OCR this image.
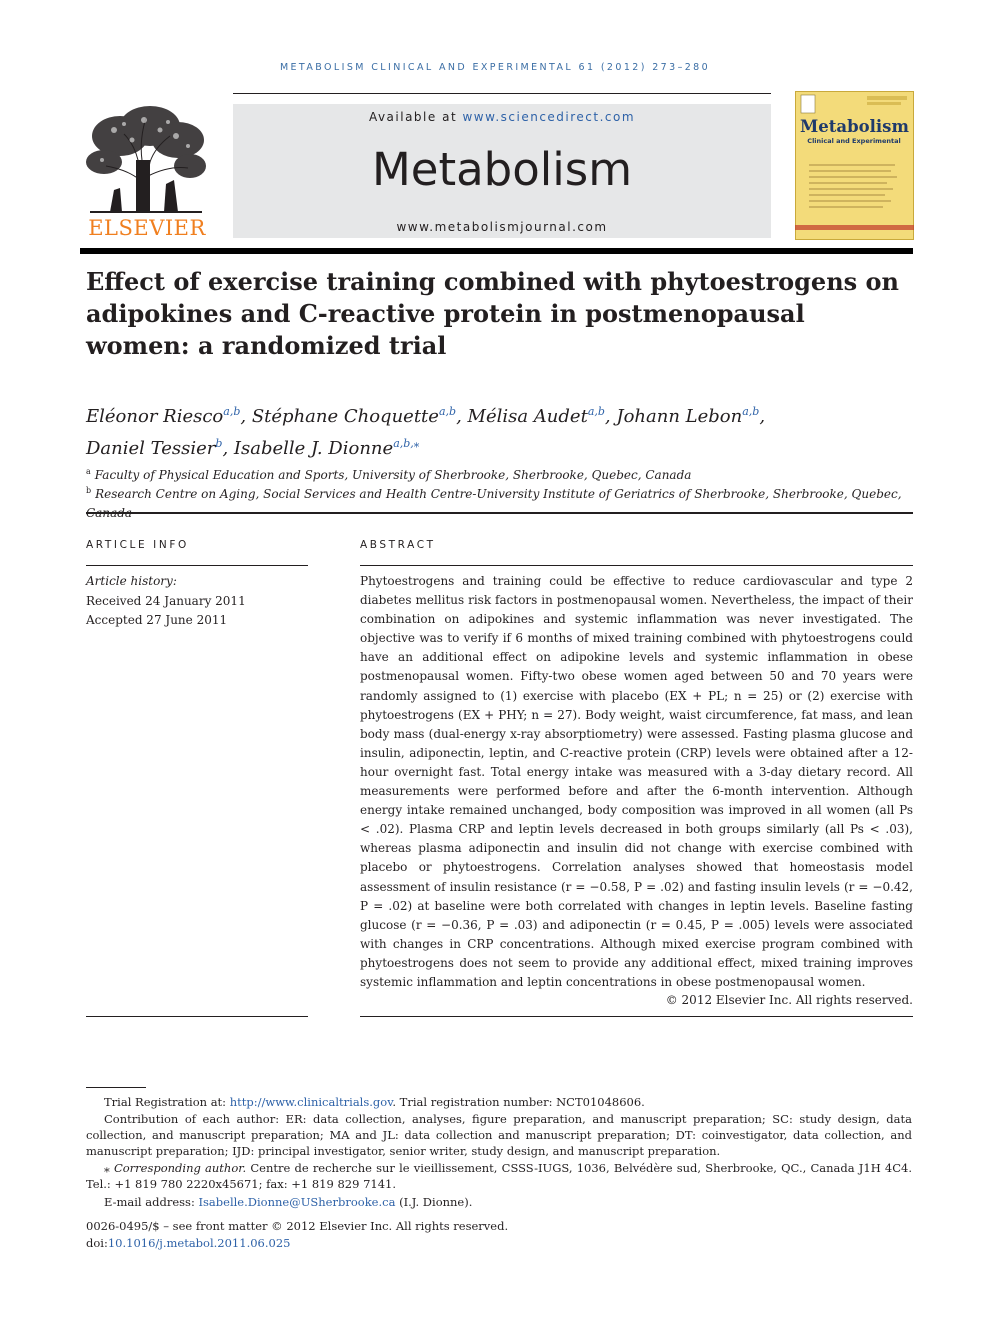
METABOLISM CLINICAL AND EXPERIMENTAL 61 (2012) 273–280
ELSEVIER
Available at www.sciencedirect.com
Metabolism
www.metabolismjournal.com
Metabolism
Clinical and Experimental
Effect of exercise training combined with phytoestrogens on adipokines and C-reactive protein in postmenopausal women: a randomized trial
Eléonor Riesco$^{a,b}$, Stéphane Choquette$^{a,b}$, Mélisa Audet$^{a,b}$, Johann Lebon$^{a,b}$,
Daniel Tessier$^b$, Isabelle J. Dionne$^{a,b,⁎}$
$^a$ Faculty of Physical Education and Sports, University of Sherbrooke, Sherbrooke, Quebec, Canada
$^b$ Research Centre on Aging, Social Services and Health Centre-University Institute of Geriatrics of Sherbrooke, Sherbrooke, Quebec,
ARTICLE INFO
Article history:
Received 24 January 2011
Accepted 27 June 2011
ABSTRACT
Phytoestrogens and training could be effective to reduce cardiovascular and type 2 diabetes mellitus risk factors in postmenopausal women. Nevertheless, the impact of their combination on adipokines and systemic inflammation was never investigated. The objective was to verify if 6 months of mixed training combined with phytoestrogens could have an additional effect on adipokine levels and systemic inflammation in obese postmenopausal women. Fifty-two obese women aged between 50 and 70 years were randomly assigned to (1) exercise with placebo (EX + PL; n = 25) or (2) exercise with phytoestrogens (EX + PHY; n = 27). Body weight, waist circumference, fat mass, and lean body mass (dual-energy x-ray absorptiometry) were assessed. Fasting plasma glucose and insulin, adiponectin, leptin, and C-reactive protein (CRP) levels were obtained after a 12-hour overnight fast. Total energy intake was measured with a 3-day dietary record. All measurements were performed before and after the 6-month intervention. Although energy intake remained unchanged, body composition was improved in all women (all Ps < .02). Plasma CRP and leptin levels decreased in both groups similarly (all Ps < .03), whereas plasma adiponectin and insulin did not change with exercise combined with placebo or phytoestrogens. Correlation analyses showed that homeostasis model assessment of insulin resistance (r = −0.58, P = .02) and fasting insulin levels (r = −0.42, P = .02) at baseline were both correlated with changes in leptin levels. Baseline fasting glucose (r = −0.36, P = .03) and adiponectin (r = 0.45, P = .005) levels were associated with changes in CRP concentrations. Although mixed exercise program combined with phytoestrogens does not seem to provide any additional effect, mixed training improves systemic inflammation and leptin concentrations in obese postmenopausal women.
© 2012 Elsevier Inc. All rights reserved.
Trial Registration at: http://www.clinicaltrials.gov. Trial registration number: NCT01048606.
Contribution of each author: ER: data collection, analyses, figure preparation, and manuscript preparation; SC: study design, data collection, and manuscript preparation; MA and JL: data collection and manuscript preparation; DT: coinvestigator, data collection, and manuscript preparation; IJD: principal investigator, senior writer, study design, and manuscript preparation.
⁎ Corresponding author. Centre de recherche sur le vieillissement, CSSS-IUGS, 1036, Belvédère sud, Sherbrooke, QC., Canada J1H 4C4. Tel.: +1 819 780 2220x45671; fax: +1 819 829 7141.
E-mail address: Isabelle.Dionne@USherbrooke.ca (I.J. Dionne).
0026-0495/$ – see front matter © 2012 Elsevier Inc. All rights reserved.
doi:10.1016/j.metabol.2011.06.025
